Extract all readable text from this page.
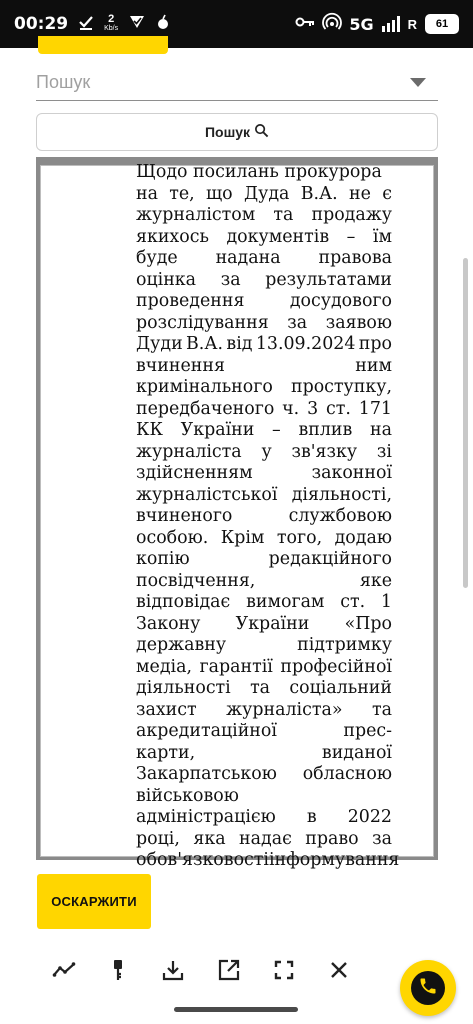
00:29	2
Kb/s	5G	R 61
Пошук
Пошук
Щодо посилань прокурора
на те, що Дуда В.А. не є
журналістом та продажу
якихось документів – їм
буде надана правова
оцінка за результатами
проведення	досудового
розслідування за заявою
Дуди В.А. від 13.09.2024 про
вчинення	ним
кримінального проступку,
передбаченого ч. 3 ст. 171
КК України – вплив на
журналіста у зв'язку зі
здійсненням	законної
журналістської діяльності,
вчиненого	службовою
особою. Крім того, додаю
копію	редакційного
посвідчення,	яке
відповідає вимогам ст. 1
Закону України «Про
державну	підтримку
медіа, гарантії професійної
діяльності та соціальний
захист журналіста» та
акредитаційної	прес-
карти,	виданої
Закарпатською обласною
військовою
адміністрацією в 2022
році, яка надає право за
обов'язковості інформування
ОСКАРЖИТИ
